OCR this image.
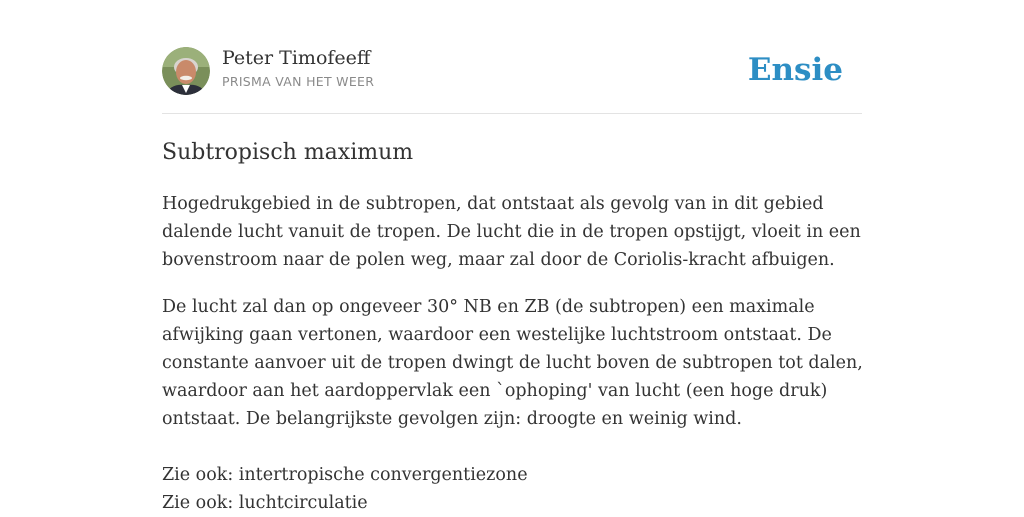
Peter Timofeeff
PRISMA VAN HET WEER	Ensie
Subtropisch maximum

Hogedrukgebied in de subtropen, dat ontstaat als gevolg van in dit gebied
dalende lucht vanuit de tropen. De lucht die in de tropen opstijgt, vloeit in een
bovenstroom naar de polen weg, maar zal door de Coriolis-kracht afbuigen.

De lucht zal dan op ongeveer 30° NB en ZB (de subtropen) een maximale
afwijking gaan vertonen, waardoor een westelijke luchtstroom ontstaat. De
constante aanvoer uit de tropen dwingt de lucht boven de subtropen tot dalen,
waardoor aan het aardoppervlak een `ophoping' van lucht (een hoge druk)
ontstaat. De belangrijkste gevolgen zijn: droogte en weinig wind.

Zie ook: intertropische convergentiezone
Zie ook: luchtcirculatie
